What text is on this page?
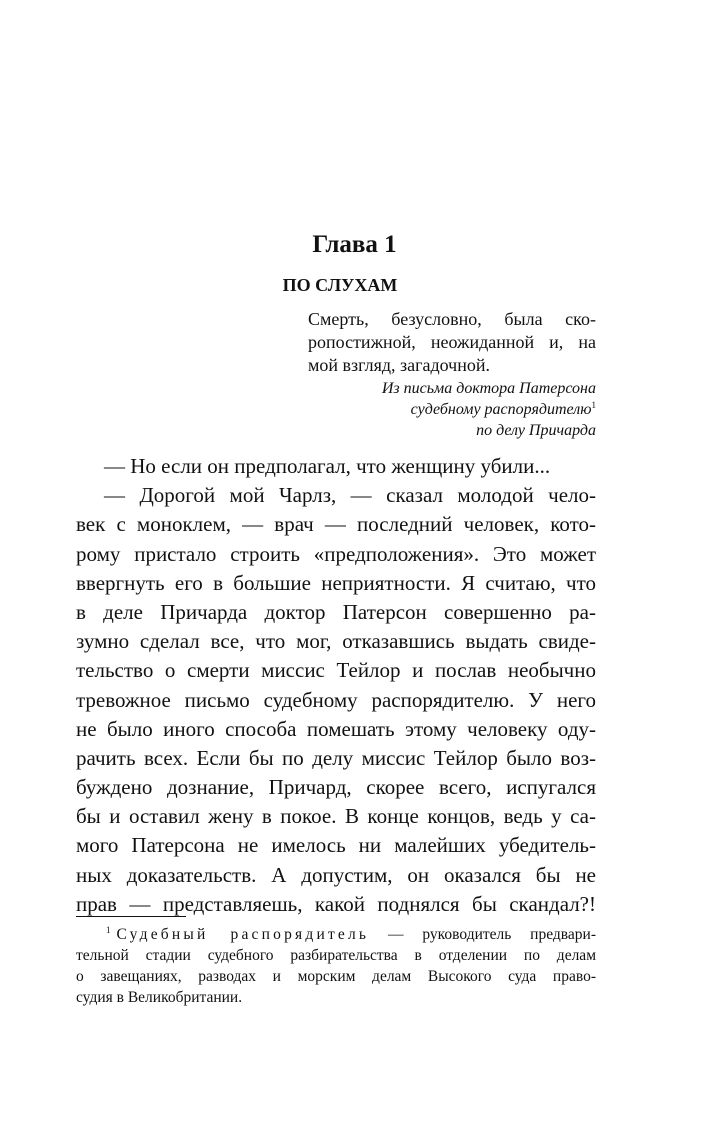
Глава 1
ПО СЛУХАМ
Смерть, безусловно, была ско-
ропостижной, неожиданной и, на
мой взгляд, загадочной.
Из письма доктора Патерсона
судебному распорядителю$^1$
по делу Причарда
— Но если он предполагал, что женщину убили...
— Дорогой мой Чарлз, — сказал молодой чело-
век с моноклем, — врач — последний человек, кото-
рому пристало строить «предположения». Это может
ввергнуть его в большие неприятности. Я считаю, что
в деле Причарда доктор Патерсон совершенно ра-
зумно сделал все, что мог, отказавшись выдать свиде-
тельство о смерти миссис Тейлор и послав необычно
тревожное письмо судебному распорядителю. У него
не было иного способа помешать этому человеку оду-
рачить всех. Если бы по делу миссис Тейлор было воз-
буждено дознание, Причард, скорее всего, испугался
бы и оставил жену в покое. В конце концов, ведь у са-
мого Патерсона не имелось ни малейших убедитель-
ных доказательств. А допустим, он оказался бы не
прав — представляешь, какой поднялся бы скандал?!
$^1$ Судебный распорядитель — руководитель предвари-
тельной стадии судебного разбирательства в отделении по делам
о завещаниях, разводах и морским делам Высокого суда право-
судия в Великобритании.
